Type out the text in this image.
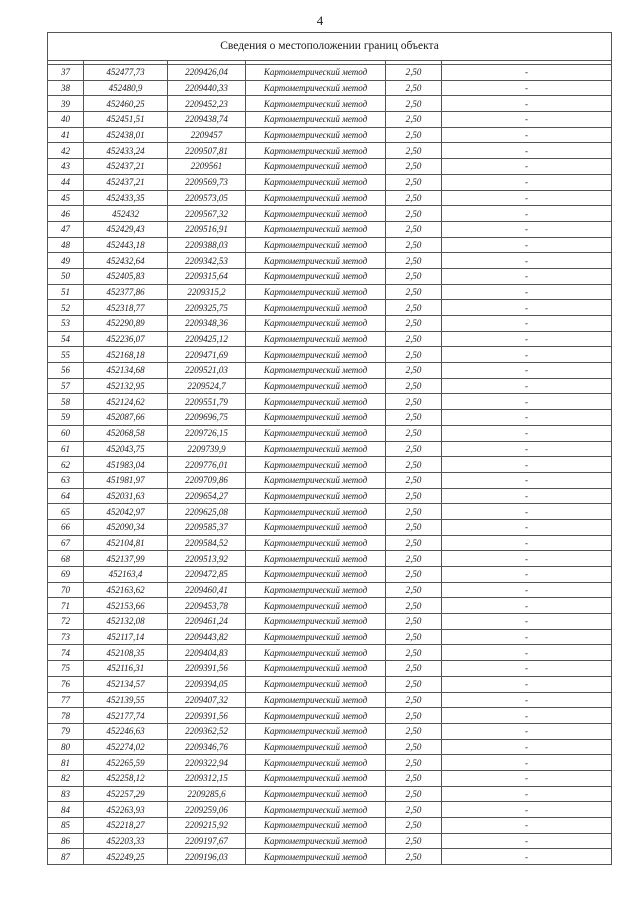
4
Сведения о местоположении границ объекта					

37	452477,73	2209426,04	Картометрический метод	2,50	-
38	452480,9	2209440,33	Картометрический метод	2,50	-
39	452460,25	2209452,23	Картометрический метод	2,50	-
40	452451,51	2209438,74	Картометрический метод	2,50	-
41	452438,01	2209457	Картометрический метод	2,50	-
42	452433,24	2209507,81	Картометрический метод	2,50	-
43	452437,21	2209561	Картометрический метод	2,50	-
44	452437,21	2209569,73	Картометрический метод	2,50	-
45	452433,35	2209573,05	Картометрический метод	2,50	-
46	452432	2209567,32	Картометрический метод	2,50	-
47	452429,43	2209516,91	Картометрический метод	2,50	-
48	452443,18	2209388,03	Картометрический метод	2,50	-
49	452432,64	2209342,53	Картометрический метод	2,50	-
50	452405,83	2209315,64	Картометрический метод	2,50	-
51	452377,86	2209315,2	Картометрический метод	2,50	-
52	452318,77	2209325,75	Картометрический метод	2,50	-
53	452290,89	2209348,36	Картометрический метод	2,50	-
54	452236,07	2209425,12	Картометрический метод	2,50	-
55	452168,18	2209471,69	Картометрический метод	2,50	-
56	452134,68	2209521,03	Картометрический метод	2,50	-
57	452132,95	2209524,7	Картометрический метод	2,50	-
58	452124,62	2209551,79	Картометрический метод	2,50	-
59	452087,66	2209696,75	Картометрический метод	2,50	-
60	452068,58	2209726,15	Картометрический метод	2,50	-
61	452043,75	2209739,9	Картометрический метод	2,50	-
62	451983,04	2209776,01	Картометрический метод	2,50	-
63	451981,97	2209709,86	Картометрический метод	2,50	-
64	452031,63	2209654,27	Картометрический метод	2,50	-
65	452042,97	2209625,08	Картометрический метод	2,50	-
66	452090,34	2209585,37	Картометрический метод	2,50	-
67	452104,81	2209584,52	Картометрический метод	2,50	-
68	452137,99	2209513,92	Картометрический метод	2,50	-
69	452163,4	2209472,85	Картометрический метод	2,50	-
70	452163,62	2209460,41	Картометрический метод	2,50	-
71	452153,66	2209453,78	Картометрический метод	2,50	-
72	452132,08	2209461,24	Картометрический метод	2,50	-
73	452117,14	2209443,82	Картометрический метод	2,50	-
74	452108,35	2209404,83	Картометрический метод	2,50	-
75	452116,31	2209391,56	Картометрический метод	2,50	-
76	452134,57	2209394,05	Картометрический метод	2,50	-
77	452139,55	2209407,32	Картометрический метод	2,50	-
78	452177,74	2209391,56	Картометрический метод	2,50	-
79	452246,63	2209362,52	Картометрический метод	2,50	-
80	452274,02	2209346,76	Картометрический метод	2,50	-
81	452265,59	2209322,94	Картометрический метод	2,50	-
82	452258,12	2209312,15	Картометрический метод	2,50	-
83	452257,29	2209285,6	Картометрический метод	2,50	-
84	452263,93	2209259,06	Картометрический метод	2,50	-
85	452218,27	2209215,92	Картометрический метод	2,50	-
86	452203,33	2209197,67	Картометрический метод	2,50	-
87	452249,25	2209196,03	Картометрический метод	2,50	-
